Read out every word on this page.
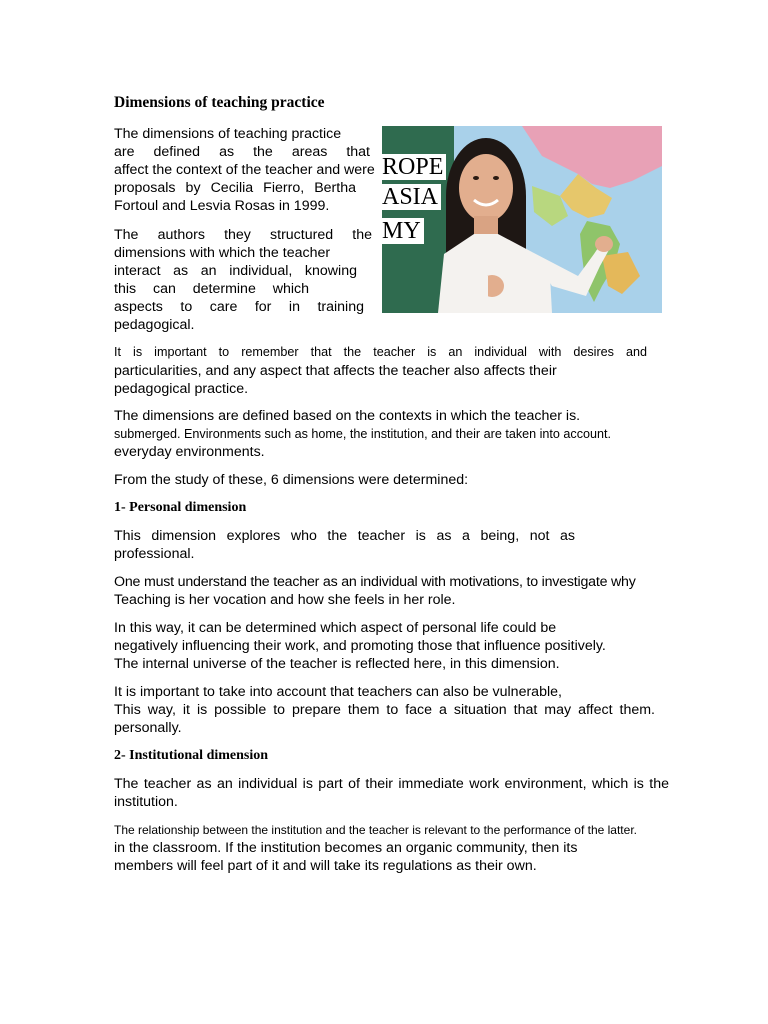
Dimensions of teaching practice

The dimensions of teaching practice

are defined as the areas that

affect the context of the teacher and were

proposals by Cecilia Fierro, Bertha

Fortoul and Lesvia Rosas in 1999.

The authors they structured the

dimensions with which the teacher

interact as an individual, knowing

this can determine which

aspects to care for in training

pedagogical.

ROPE
ASIA
MY

It is important to remember that the teacher is an individual with desires and

particularities, and any aspect that affects the teacher also affects their

pedagogical practice.

The dimensions are defined based on the contexts in which the teacher is.

submerged. Environments such as home, the institution, and their are taken into account.

everyday environments.

From the study of these, 6 dimensions were determined:

1- Personal dimension

This dimension explores who the teacher is as a being, not as

professional.

One must understand the teacher as an individual with motivations, to investigate why

Teaching is her vocation and how she feels in her role.

In this way, it can be determined which aspect of personal life could be

negatively influencing their work, and promoting those that influence positively.

The internal universe of the teacher is reflected here, in this dimension.

It is important to take into account that teachers can also be vulnerable,

This way, it is possible to prepare them to face a situation that may affect them.

personally.

2- Institutional dimension

The teacher as an individual is part of their immediate work environment, which is the

institution.

The relationship between the institution and the teacher is relevant to the performance of the latter.

in the classroom. If the institution becomes an organic community, then its

members will feel part of it and will take its regulations as their own.
